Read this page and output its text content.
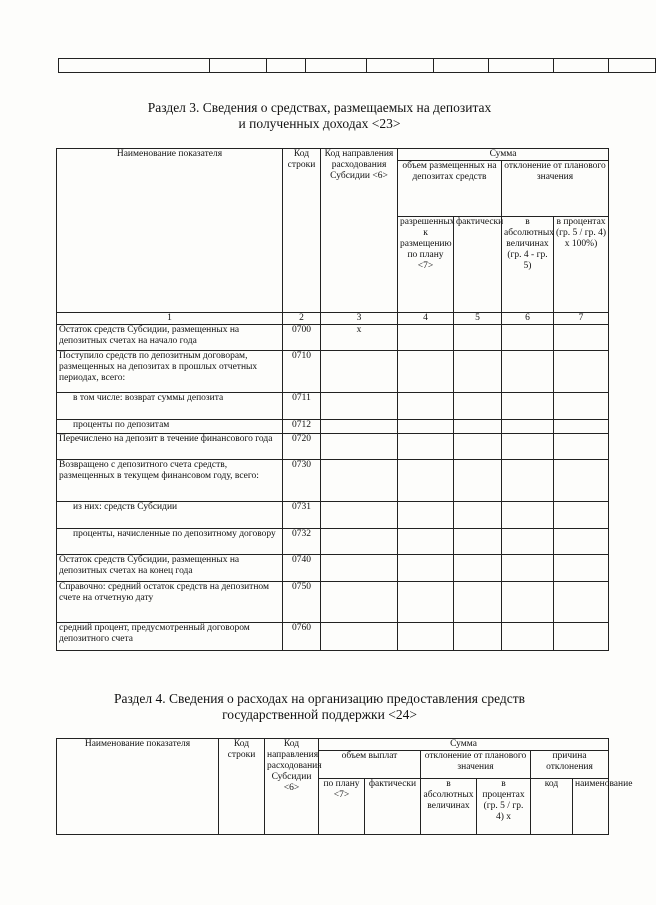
Раздел 3. Сведения о средствах, размещаемых на депозитах
и полученных доходах <23>
Наименование показателя	Код строки	Код направления расходования Субсидии <6>	Сумма			
			объем размещенных на депозитах средств		отклонение от планового значения	
			разрешенных к размещению по плану <7>	фактически	в абсолютных величинах (гр. 4 - гр. 5)	в процентах (гр. 5 / гр. 4) x 100%)
1	2	3	4	5	6	7
Остаток средств Субсидии, размещенных на депозитных счетах на начало года	0700	x				
Поступило средств по депозитным договорам, размещенных на депозитах в прошлых отчетных периодах, всего:	0710					
в том числе: возврат суммы депозита	0711					
проценты по депозитам	0712					
Перечислено на депозит в течение финансового года	0720					
Возвращено с депозитного счета средств, размещенных в текущем финансовом году, всего:	0730					
из них: средств Субсидии	0731					
проценты, начисленные по депозитному договору	0732					
Остаток средств Субсидии, размещенных на депозитных счетах на конец года	0740					
Справочно: средний остаток средств на депозитном счете на отчетную дату	0750					
средний процент, предусмотренный договором депозитного счета	0760					
Раздел 4. Сведения о расходах на организацию предоставления средств
государственной поддержки <24>
Наименование показателя	Код строки	Код направления расходования Субсидии <6>	Сумма					
			объем выплат		отклонение от планового значения		причина отклонения	
			по плану <7>	фактически	в абсолютных величинах	в процентах (гр. 5 / гр. 4) x	код	наименование
